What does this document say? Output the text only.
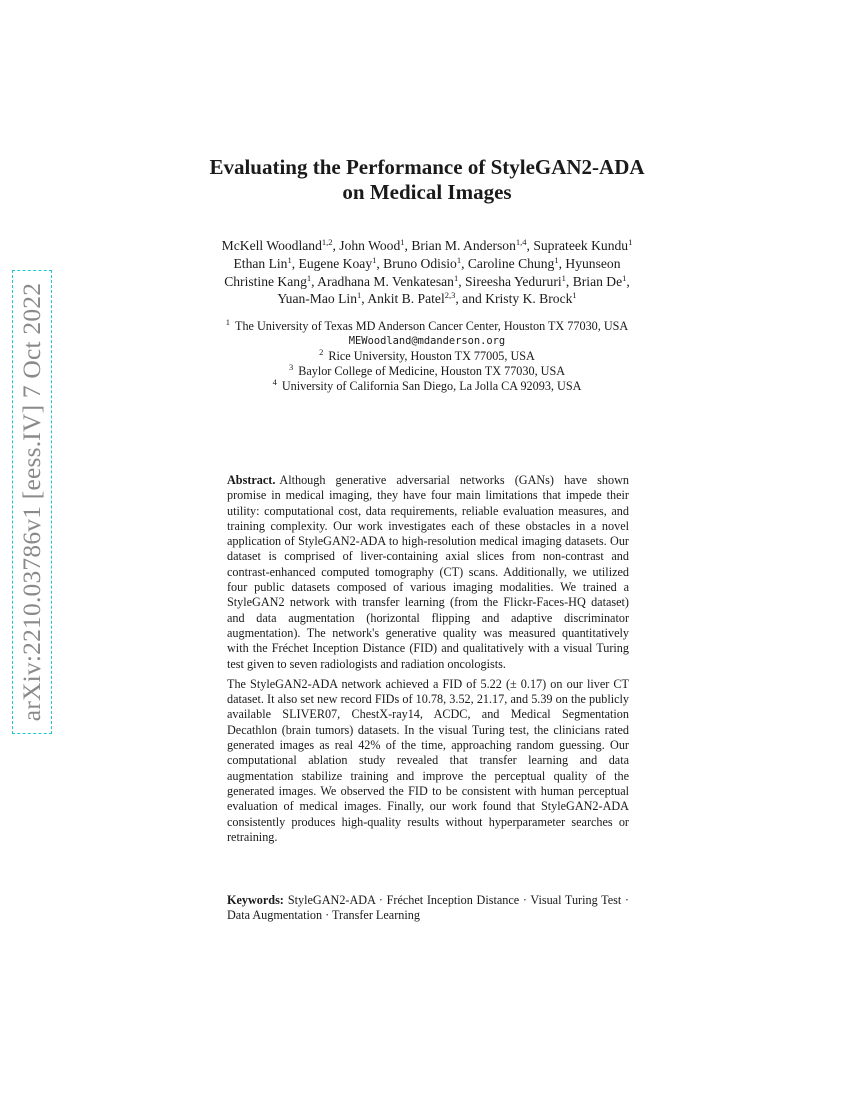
arXiv:2210.03786v1 [eess.IV] 7 Oct 2022
Evaluating the Performance of StyleGAN2-ADA
on Medical Images
McKell Woodland$^{1,2}$, John Wood$^1$, Brian M. Anderson$^{1,4}$, Suprateek Kundu$^1$
Ethan Lin$^1$, Eugene Koay$^1$, Bruno Odisio$^1$, Caroline Chung$^1$, Hyunseon
Christine Kang$^1$, Aradhana M. Venkatesan$^1$, Sireesha Yedururi$^1$, Brian De$^1$,
Yuan-Mao Lin$^1$, Ankit B. Patel$^{2,3}$, and Kristy K. Brock$^1$
$^1$ The University of Texas MD Anderson Cancer Center, Houston TX 77030, USA
MEWoodland@mdanderson.org
$^2$ Rice University, Houston TX 77005, USA
$^3$ Baylor College of Medicine, Houston TX 77030, USA
$^4$ University of California San Diego, La Jolla CA 92093, USA

Abstract. Although generative adversarial networks (GANs) have shown promise in medical imaging, they have four main limitations that impede their utility: computational cost, data requirements, reliable evaluation measures, and training complexity. Our work investigates each of these obstacles in a novel application of StyleGAN2-ADA to high-resolution medical imaging datasets. Our dataset is comprised of liver-containing axial slices from non-contrast and contrast-enhanced computed tomography (CT) scans. Additionally, we utilized four public datasets composed of various imaging modalities. We trained a StyleGAN2 network with transfer learning (from the Flickr-Faces-HQ dataset) and data augmentation (horizontal flipping and adaptive discriminator augmentation). The network's generative quality was measured quantitatively with the Fréchet Inception Distance (FID) and qualitatively with a visual Turing test given to seven radiologists and radiation oncologists.

The StyleGAN2-ADA network achieved a FID of 5.22 (± 0.17) on our liver CT dataset. It also set new record FIDs of 10.78, 3.52, 21.17, and 5.39 on the publicly available SLIVER07, ChestX-ray14, ACDC, and Medical Segmentation Decathlon (brain tumors) datasets. In the visual Turing test, the clinicians rated generated images as real 42% of the time, approaching random guessing. Our computational ablation study revealed that transfer learning and data augmentation stabilize training and improve the perceptual quality of the generated images. We observed the FID to be consistent with human perceptual evaluation of medical images. Finally, our work found that StyleGAN2-ADA consistently produces high-quality results without hyperparameter searches or retraining.

Keywords: StyleGAN2-ADA · Fréchet Inception Distance · Visual Turing Test · Data Augmentation · Transfer Learning
